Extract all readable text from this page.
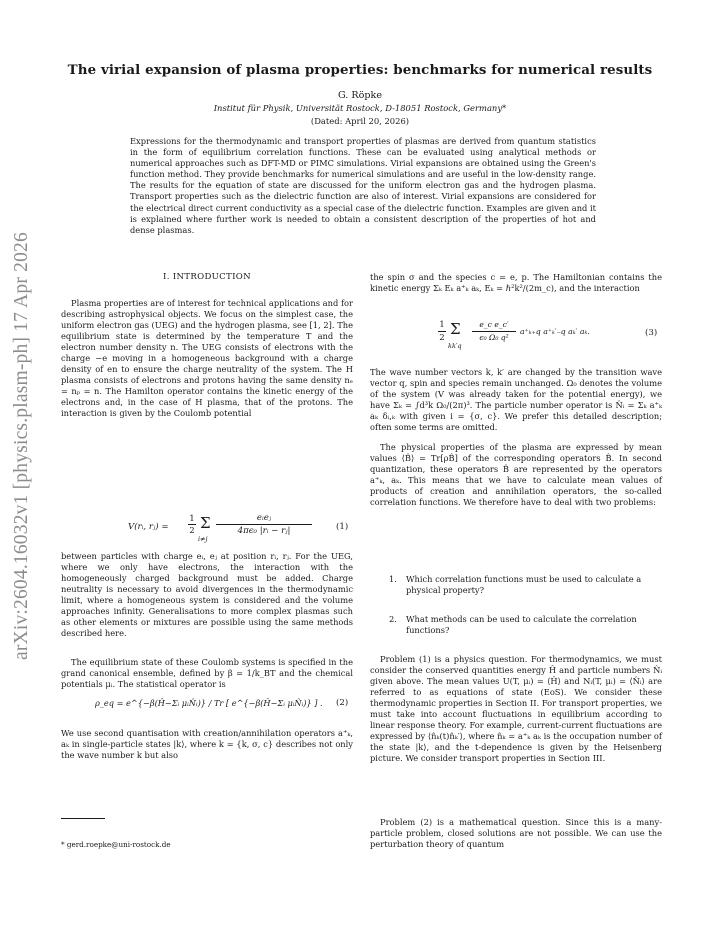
arXiv:2604.16032v1 [physics.plasm-ph] 17 Apr 2026
The virial expansion of plasma properties: benchmarks for numerical results
G. Röpke
Institut für Physik, Universität Rostock, D-18051 Rostock, Germany*
(Dated: April 20, 2026)
Expressions for the thermodynamic and transport properties of plasmas are derived from quantum statistics in the form of equilibrium correlation functions. These can be evaluated using analytical methods or numerical approaches such as DFT-MD or PIMC simulations. Virial expansions are obtained using the Green's function method. They provide benchmarks for numerical simulations and are useful in the low-density range. The results for the equation of state are discussed for the uniform electron gas and the hydrogen plasma. Transport properties such as the dielectric function are also of interest. Virial expansions are considered for the electrical direct current conductivity as a special case of the dielectric function. Examples are given and it is explained where further work is needed to obtain a consistent description of the properties of hot and dense plasmas.
I. INTRODUCTION

Plasma properties are of interest for technical applications and for describing astrophysical objects. We focus on the simplest case, the uniform electron gas (UEG) and the hydrogen plasma, see [1, 2]. The equilibrium state is determined by the temperature T and the electron number density n. The UEG consists of electrons with the charge −e moving in a homogeneous background with a charge density of en to ensure the charge neutrality of the system. The H plasma consists of electrons and protons having the same density nₑ = nₚ = n. The Hamilton operator contains the kinetic energy of the electrons and, in the case of H plasma, that of the protons. The interaction is given by the Coulomb potential

V(rᵢ, rⱼ) =
1
2 Σ
i≠j
eᵢeⱼ
4πϵ₀ |rᵢ − rⱼ|	(1)

between particles with charge eᵢ, eⱼ at position rᵢ, rⱼ. For the UEG, where we only have electrons, the interaction with the homogeneously charged background must be added. Charge neutrality is necessary to avoid divergences in the thermodynamic limit, where a homogeneous system is considered and the volume approaches infinity. Generalisations to more complex plasmas such as other elements or mixtures are possible using the same methods described here.

The equilibrium state of these Coulomb systems is specified in the grand canonical ensemble, defined by β = 1/k_BT and the chemical potentials μᵢ. The statistical operator is

ρ_eq = e^{−β(Ĥ−Σᵢ μᵢN̂ᵢ)} / Tr [ e^{−β(Ĥ−Σᵢ μᵢN̂ᵢ)} ] .	(2)

We use second quantisation with creation/annihilation operators a⁺ₖ, aₖ in single-particle states |k⟩, where k = {k, σ, c} describes not only the wave number k but also

* gerd.roepke@uni-rostock.de

the spin σ and the species c = e, p. The Hamiltonian contains the kinetic energy Σₖ Eₖ a⁺ₖ aₖ, Eₖ = ℏ²k²/(2m_c), and the interaction

1
2 Σ
kk′q
e_c e_c′
ϵ₀ Ω₀ q²
a⁺ₖ₊q a⁺ₖ′₋q aₖ′ aₖ.	(3)

The wave number vectors k, k′ are changed by the transition wave vector q, spin and species remain unchanged. Ω₀ denotes the volume of the system (V was already taken for the potential energy), we have Σₖ = ∫d³k Ω₀/(2π)³. The particle number operator is N̂ᵢ = Σₖ a⁺ₖ aₖ δᵢ,ₖ with given i = {σ, c}. We prefer this detailed description; often some terms are omitted.

The physical properties of the plasma are expressed by mean values ⟨B̂⟩ = Tr[ρB̂] of the corresponding operators B̂. In second quantization, these operators B̂ are represented by the operators a⁺ₖ, aₖ. This means that we have to calculate mean values of products of creation and annihilation operators, the so-called correlation functions. We therefore have to deal with two problems:

1. Which correlation functions must be used to calculate a physical property?
2. What methods can be used to calculate the correlation functions?

Problem (1) is a physics question. For thermodynamics, we must consider the conserved quantities energy Ĥ and particle numbers N̂ᵢ given above. The mean values U(T, μᵢ) = ⟨Ĥ⟩ and Nᵢ(T, μᵢ) = ⟨N̂ᵢ⟩ are referred to as equations of state (EoS). We consider these thermodynamic properties in Section II. For transport properties, we must take into account fluctuations in equilibrium according to linear response theory. For example, current-current fluctuations are expressed by ⟨n̂ₖ(t)n̂ₖ′⟩, where n̂ₖ = a⁺ₖ aₖ is the occupation number of the state |k⟩, and the t-dependence is given by the Heisenberg picture. We consider transport properties in Section III.

Problem (2) is a mathematical question. Since this is a many-particle problem, closed solutions are not possible. We can use the perturbation theory of quantum
